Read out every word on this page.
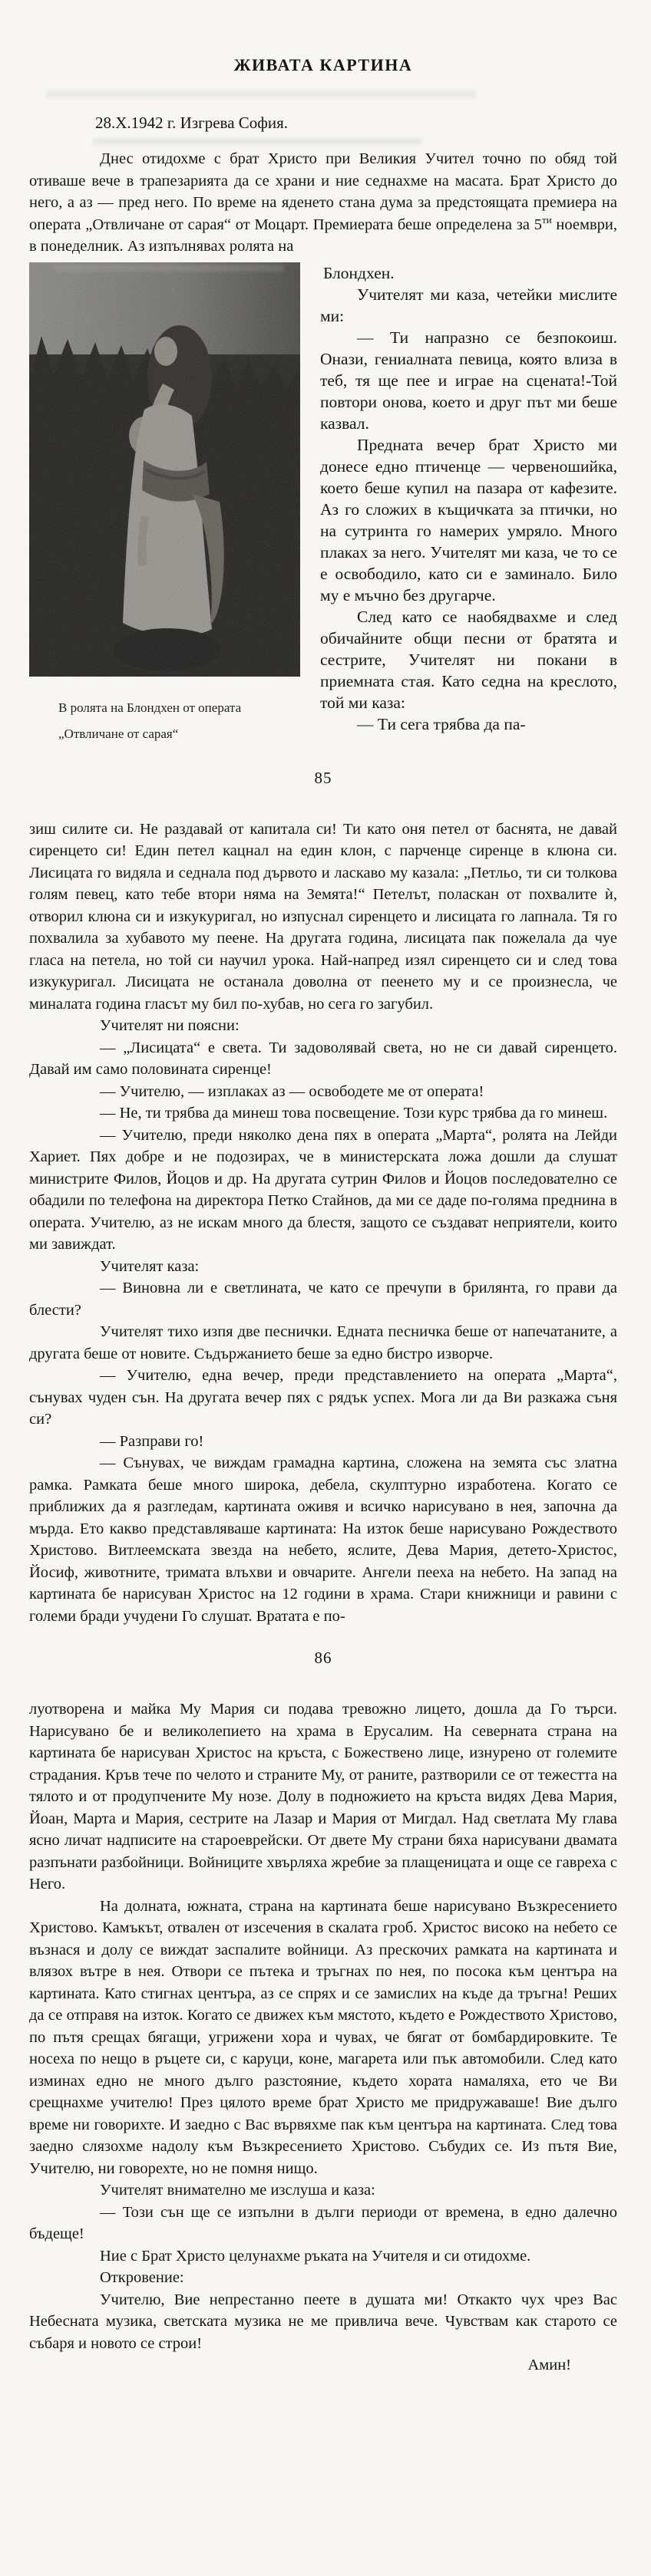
ЖИВАТА КАРТИНА

28.X.1942 г. Изгрева София.

Днес отидохме с брат Христо при Великия Учител точно по обяд той отиваше вече в трапезарията да се храни и ние седнахме на масата. Брат Христо до него, а аз — пред него. По време на яденето стана дума за предстоящата премиера на операта „Отвличане от сарая“ от Моцарт. Премиерата беше определена за $5^{ти}$ ноември, в понеделник. Аз изпълнявах ролята на

В ролята на Блондхен от операта
„Отвличане от сарая“

Блондхен.

Учителят ми каза, четейки мислите ми:

— Ти напразно се безпокоиш. Онази, гениалната певица, която влиза в теб, тя ще пее и играе на сцената!-Той повтори онова, което и друг път ми беше казвал.

Предната вечер брат Христо ми донесе едно птиченце — червеношийка, което беше купил на пазара от кафезите. Аз го сложих в къщичката за птички, но на сутринта го намерих умряло. Много плаках за него. Учителят ми каза, че то се е освободило, като си е заминало. Било му е мъчно без другарче.

След като се наобядвахме и след обичайните общи песни от братята и сестрите, Учителят ни покани в приемната стая. Като седна на креслото, той ми каза:

— Ти сега трябва да па-

85

зиш силите си. Не раздавай от капитала си! Ти като оня петел от баснята, не давай сиренцето си! Един петел кацнал на един клон, с парченце сиренце в клюна си. Лисицата го видяла и седнала под дървото и ласкаво му казала: „Петльо, ти си толкова голям певец, като тебе втори няма на Земята!“ Петелът, поласкан от похвалите ѝ, отворил клюна си и изкукуригал, но изпуснал сиренцето и лисицата го лапнала. Тя го похвалила за хубавото му пеене. На другата година, лисицата пак пожелала да чуе гласа на петела, но той си научил урока. Най-напред изял сиренцето си и след това изкукуригал. Лисицата не останала доволна от пеенето му и се произнесла, че миналата година гласът му бил по-хубав, но сега го загубил.

Учителят ни поясни:

— „Лисицата“ е света. Ти задоволявай света, но не си давай сиренцето. Давай им само половината сиренце!

— Учителю, — изплаках аз — освободете ме от операта!

— Не, ти трябва да минеш това посвещение. Този курс трябва да го минеш.

— Учителю, преди няколко дена пях в операта „Марта“, ролята на Лейди Хариет. Пях добре и не подозирах, че в министерската ложа дошли да слушат министрите Филов, Йоцов и др. На другата сутрин Филов и Йоцов последователно се обадили по телефона на директора Петко Стайнов, да ми се даде по-голяма преднина в операта. Учителю, аз не искам много да блестя, защото се създават неприятели, които ми завиждат.

Учителят каза:

— Виновна ли е светлината, че като се пречупи в брилянта, го прави да блести?

Учителят тихо изпя две песнички. Едната песничка беше от напечатаните, а другата беше от новите. Съдържанието беше за едно бистро изворче.

— Учителю, една вечер, преди представлението на операта „Марта“, сънувах чуден сън. На другата вечер пях с рядък успех. Мога ли да Ви разкажа съня си?

— Разправи го!

— Сънувах, че виждам грамадна картина, сложена на земята със златна рамка. Рамката беше много широка, дебела, скулптурно изработена. Когато се приближих да я разгледам, картината оживя и всичко нарисувано в нея, започна да мърда. Ето какво представляваше картината: На изток беше нарисувано Рождеството Христово. Витлеемската звезда на небето, яслите, Дева Мария, детето-Христос, Йосиф, животните, тримата влъхви и овчарите. Ангели пееха на небето. На запад на картината бе нарисуван Христос на 12 години в храма. Стари книжници и равини с големи бради учудени Го слушат. Вратата е по-

86

луотворена и майка Му Мария си подава тревожно лицето, дошла да Го търси. Нарисувано бе и великолепието на храма в Ерусалим. На северната страна на картината бе нарисуван Христос на кръста, с Божествено лице, изнурено от големите страдания. Кръв тече по челото и страните Му, от раните, разтворили се от тежестта на тялото и от продупчените Му нозе. Долу в подножието на кръста видях Дева Мария, Йоан, Марта и Мария, сестрите на Лазар и Мария от Мигдал. Над светлата Му глава ясно личат надписите на староеврейски. От двете Му страни бяха нарисувани двамата разпънати разбойници. Войниците хвърляха жребие за плащеницата и още се гавреха с Него.

На долната, южната, страна на картината беше нарисувано Възкресението Христово. Камъкът, отвален от изсечения в скалата гроб. Христос високо на небето се възнася и долу се виждат заспалите войници. Аз прескочих рамката на картината и влязох вътре в нея. Отвори се пътека и тръгнах по нея, по посока към центъра на картината. Като стигнах центъра, аз се спрях и се замислих на къде да тръгна! Реших да се отправя на изток. Когато се движех към мястото, където е Рождеството Христово, по пътя срещах бягащи, угрижени хора и чувах, че бягат от бомбардировките. Те носеха по нещо в ръцете си, с каруци, коне, магарета или пък автомобили. След като изминах едно не много дълго разстояние, където хората намаляха, ето че Ви срещнахме учителю! През цялото време брат Христо ме придружаваше! Вие дълго време ни говорихте. И заедно с Вас вървяхме пак към центъра на картината. След това заедно слязохме надолу към Възкресението Христово. Събудих се. Из пътя Вие, Учителю, ни говорехте, но не помня нищо.

Учителят внимателно ме изслуша и каза:

— Този сън ще се изпълни в дълги периоди от времена, в едно далечно бъдеще!

Ние с Брат Христо целунахме ръката на Учителя и си отидохме.

Откровение:

Учителю, Вие непрестанно пеете в душата ми! Откакто чух чрез Вас Небесната музика, светската музика не ме привлича вече. Чувствам как старото се събаря и новото се строи!

Амин!
